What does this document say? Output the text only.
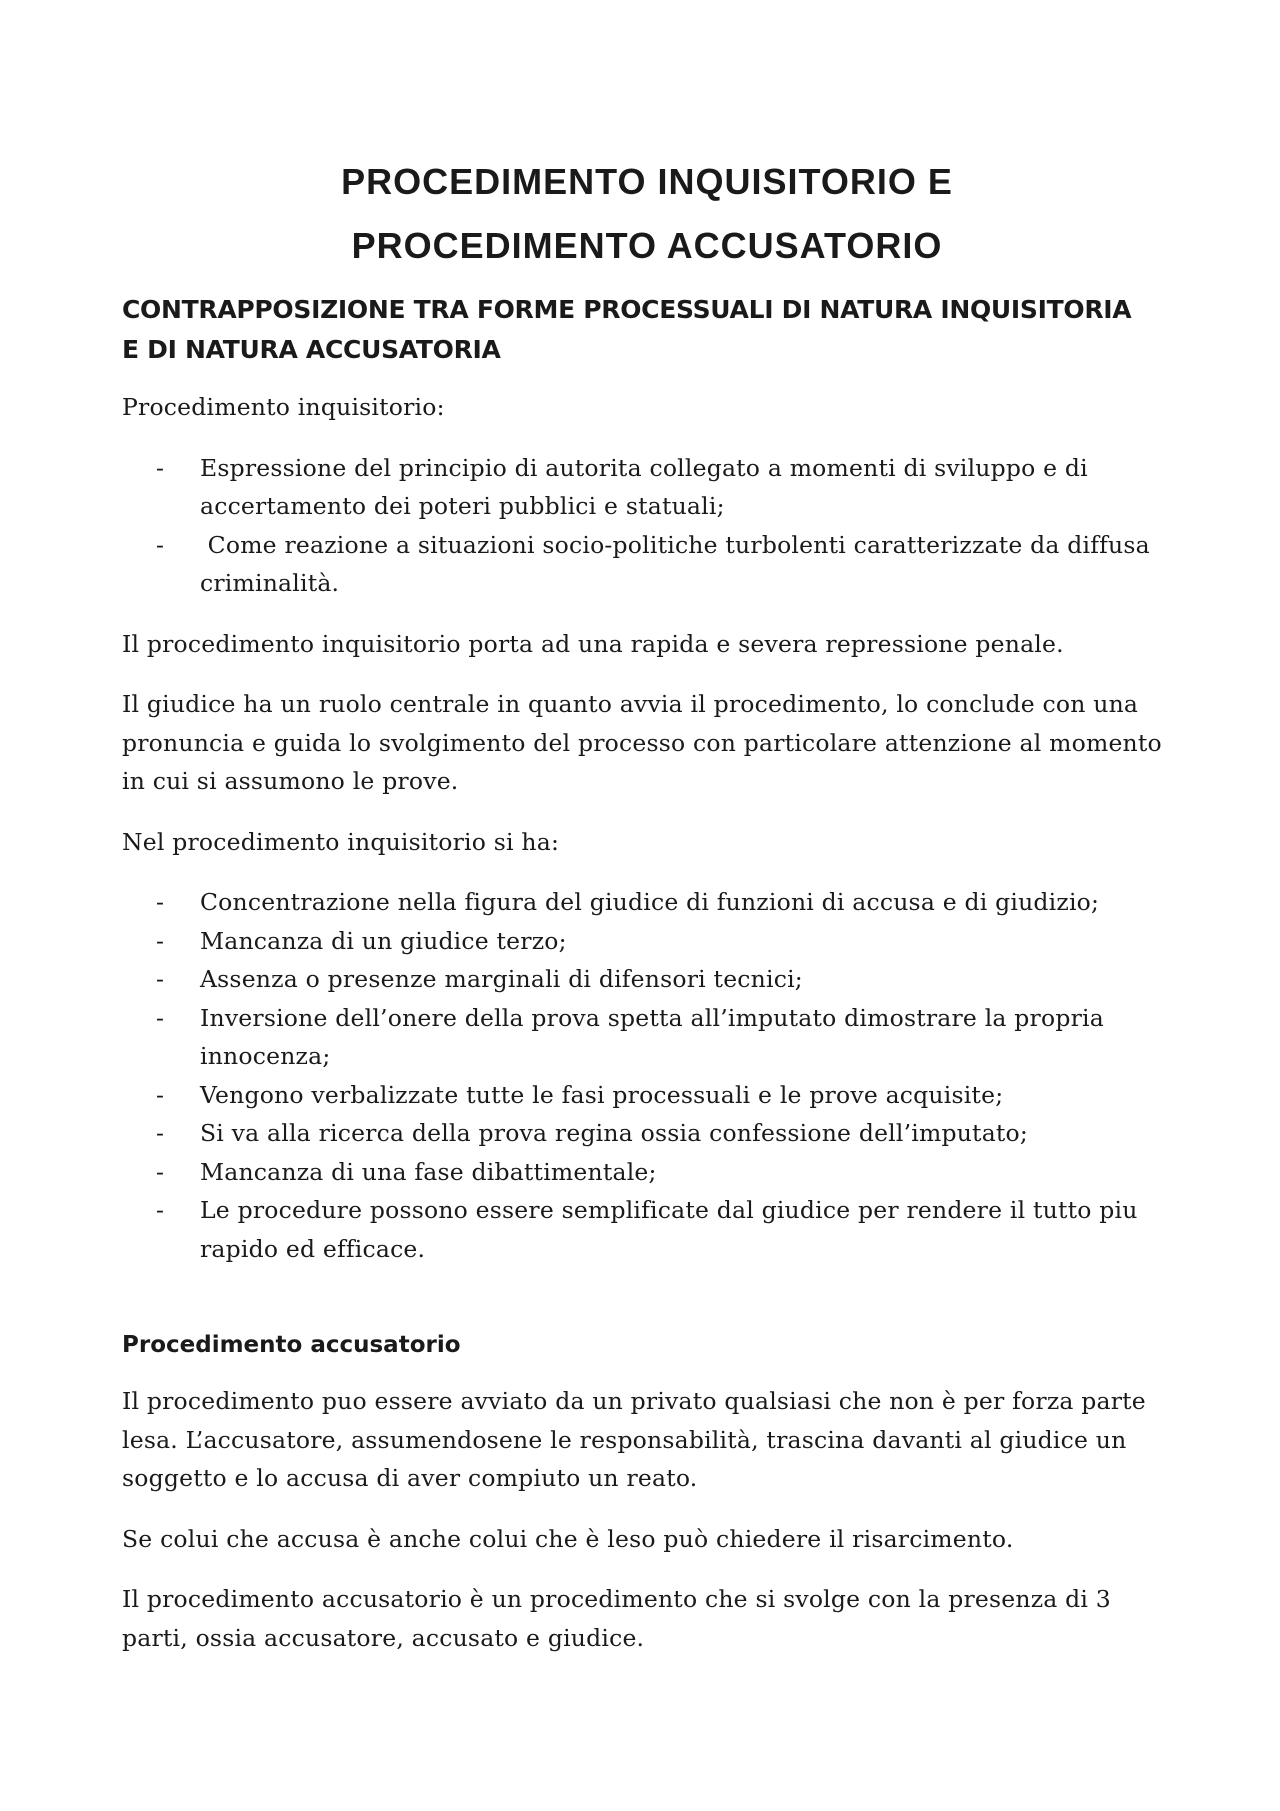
PROCEDIMENTO INQUISITORIO E
PROCEDIMENTO ACCUSATORIO
CONTRAPPOSIZIONE TRA FORME PROCESSUALI DI NATURA INQUISITORIA
E DI NATURA ACCUSATORIA

Procedimento inquisitorio:

- Espressione del principio di autorita collegato a momenti di sviluppo e di accertamento dei poteri pubblici e statuali;
-  Come reazione a situazioni socio-politiche turbolenti caratterizzate da diffusa criminalità.

Il procedimento inquisitorio porta ad una rapida e severa repressione penale.

Il giudice ha un ruolo centrale in quanto avvia il procedimento, lo conclude con una pronuncia e guida lo svolgimento del processo con particolare attenzione al momento in cui si assumono le prove.

Nel procedimento inquisitorio si ha:

- Concentrazione nella figura del giudice di funzioni di accusa e di giudizio;
- Mancanza di un giudice terzo;
- Assenza o presenze marginali di difensori tecnici;
- Inversione dell’onere della prova spetta all’imputato dimostrare la propria innocenza;
- Vengono verbalizzate tutte le fasi processuali e le prove acquisite;
- Si va alla ricerca della prova regina ossia confessione dell’imputato;
- Mancanza di una fase dibattimentale;
- Le procedure possono essere semplificate dal giudice per rendere il tutto piu rapido ed efficace.
Procedimento accusatorio

Il procedimento puo essere avviato da un privato qualsiasi che non è per forza parte lesa. L’accusatore, assumendosene le responsabilità, trascina davanti al giudice un soggetto e lo accusa di aver compiuto un reato.

Se colui che accusa è anche colui che è leso può chiedere il risarcimento.

Il procedimento accusatorio è un procedimento che si svolge con la presenza di 3 parti, ossia accusatore, accusato e giudice.
